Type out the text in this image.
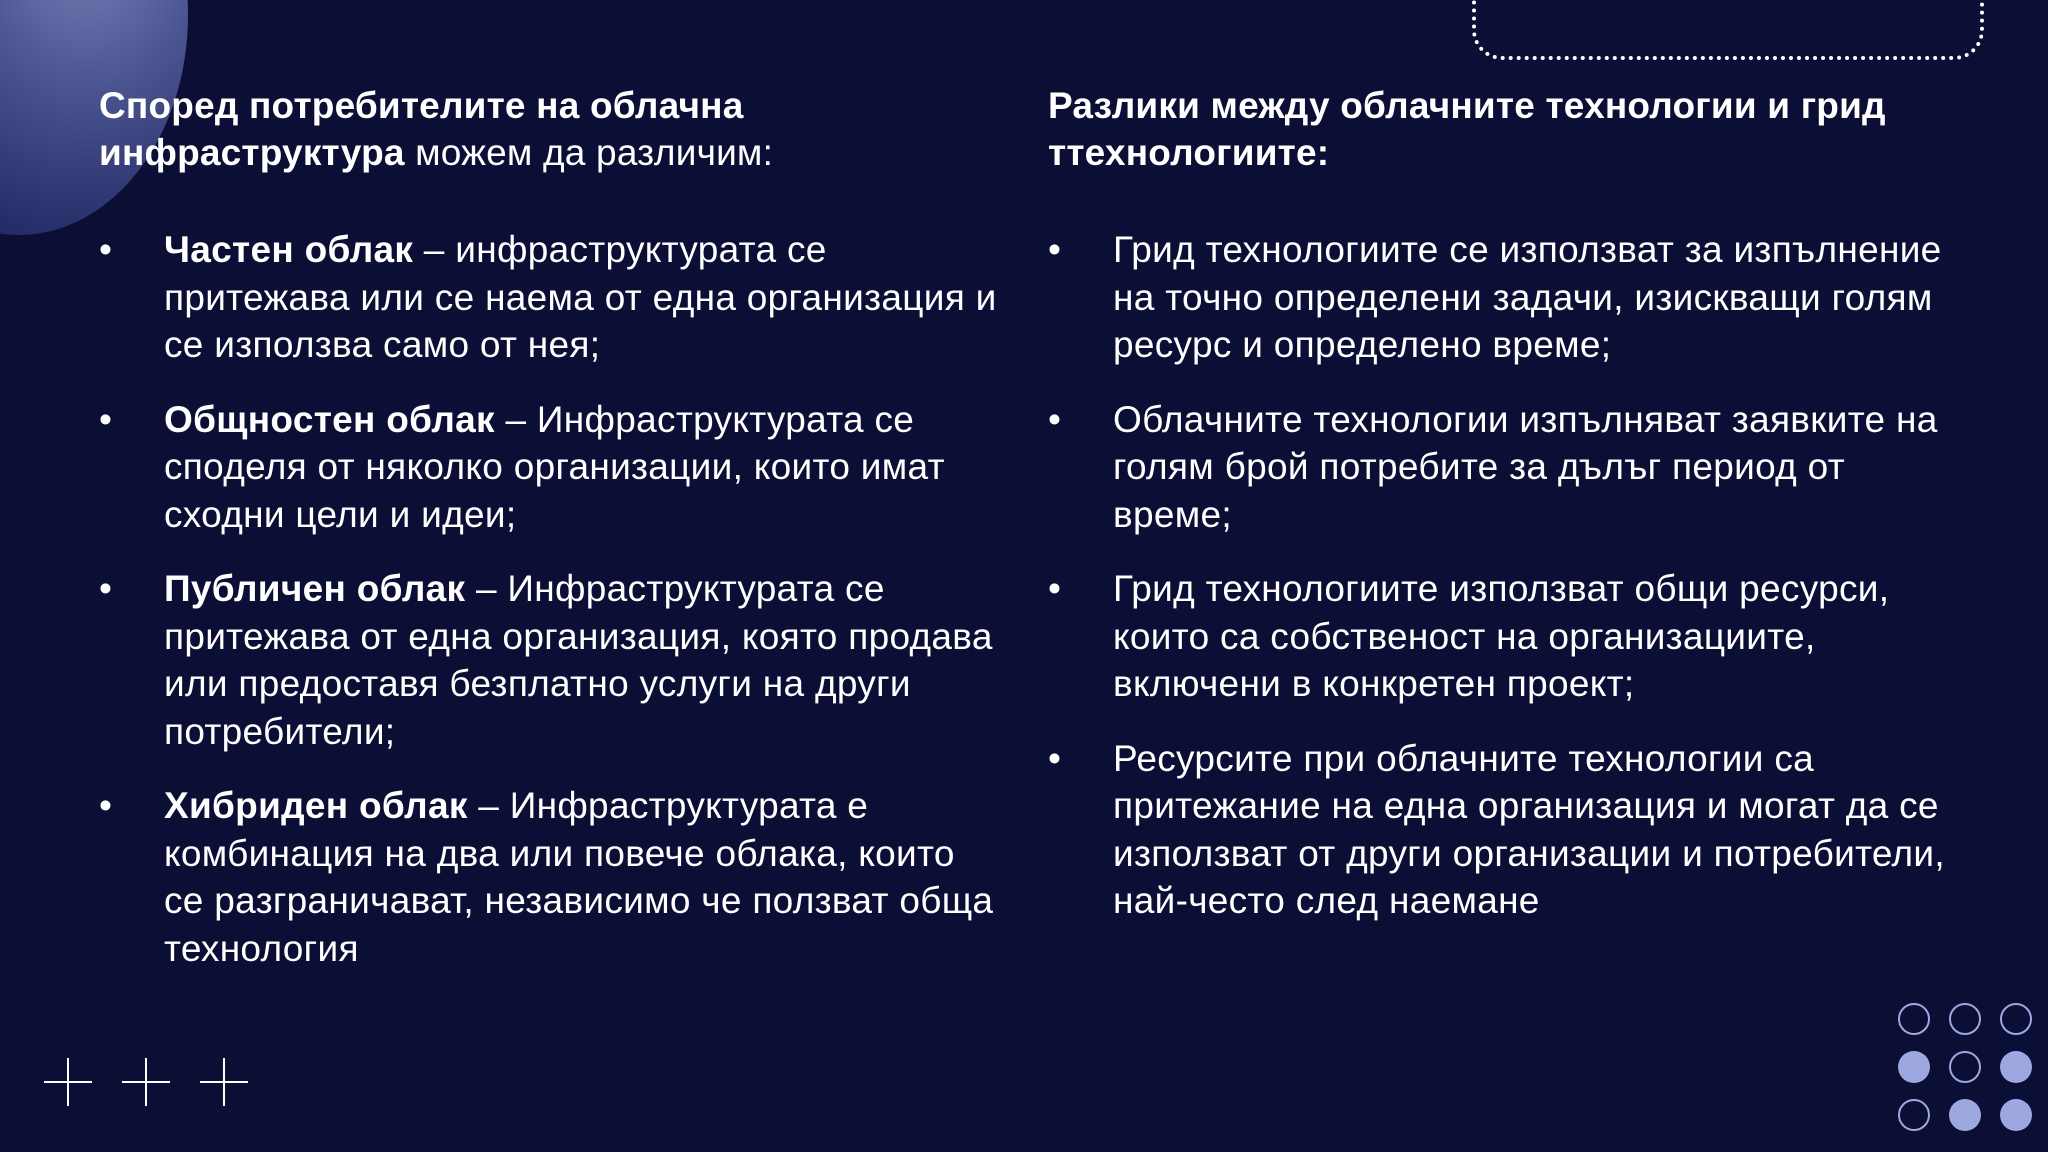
Според потребителите на облачна инфраструктура можем да различим:
• Частен облак – инфраструктурата се притежава или се наема от една организация и се използва само от нея;
• Общностен облак – Инфраструктурата се споделя от няколко организации, които имат сходни цели и идеи;
• Публичен облак – Инфраструктурата се притежава от една организация, която продава или предоставя безплатно услуги на други потребители;
• Хибриден облак – Инфраструктурата е комбинация на два или повече облака, които се разграничават, независимо че ползват обща технология
Разлики между облачните технологии и грид ттехнологиите:
• Грид технологиите се използват за изпълнение на точно определени задачи, изискващи голям ресурс и определено време;
• Облачните технологии изпълняват заявките на голям брой потребите за дълъг период от време;
• Грид технологиите използват общи ресурси, които са собственост на организациите, включени в конкретен проект;
• Ресурсите при облачните технологии са притежание на една организация и могат да се използват от други организации и потребители, най-често след наемане
